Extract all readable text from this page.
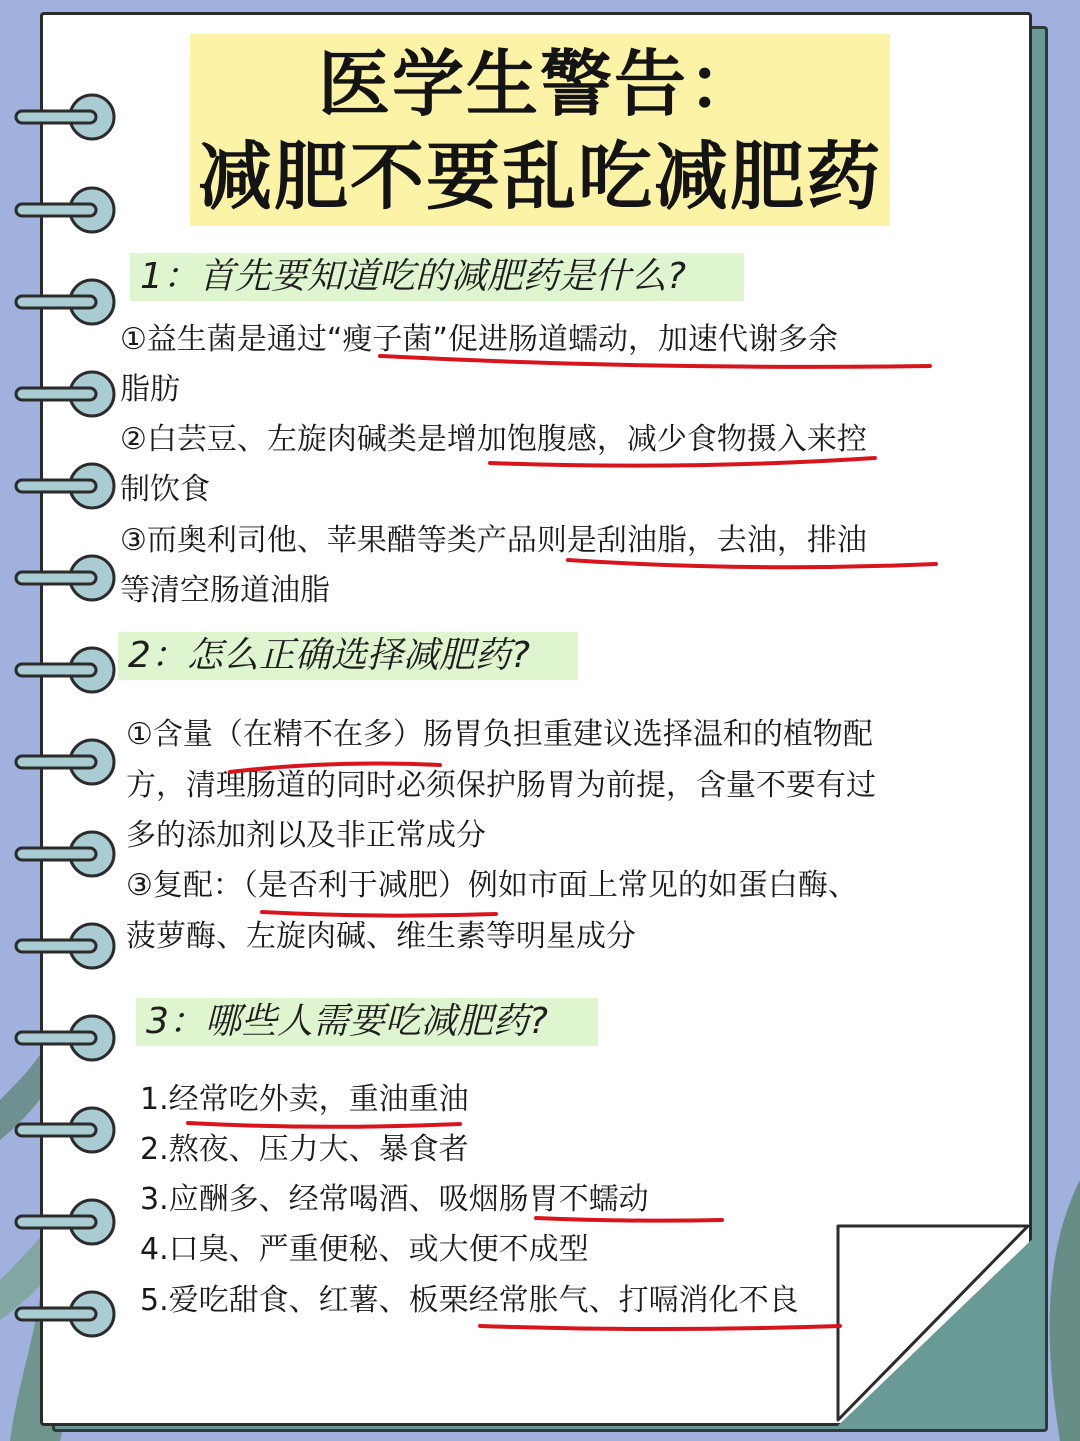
医学生警告：
减肥不要乱吃减肥药
1：首先要知道吃的减肥药是什么?

①益生菌是通过“瘦子菌”促进肠道蠕动，加速代谢多余

脂肪

②白芸豆、左旋肉碱类是增加饱腹感，减少食物摄入来控

制饮食

③而奥利司他、苹果醋等类产品则是刮油脂，去油，排油

等清空肠道油脂

2：怎么正确选择减肥药?

①含量（在精不在多）肠胃负担重建议选择温和的植物配

方，清理肠道的同时必须保护肠胃为前提，含量不要有过

多的添加剂以及非正常成分

③复配：（是否利于减肥）例如市面上常见的如蛋白酶、

菠萝酶、左旋肉碱、维生素等明星成分

3：哪些人需要吃减肥药?

1.经常吃外卖，重油重油

2.熬夜、压力大、暴食者

3.应酬多、经常喝酒、吸烟肠胃不蠕动

4.口臭、严重便秘、或大便不成型

5.爱吃甜食、红薯、板栗经常胀气、打嗝消化不良
